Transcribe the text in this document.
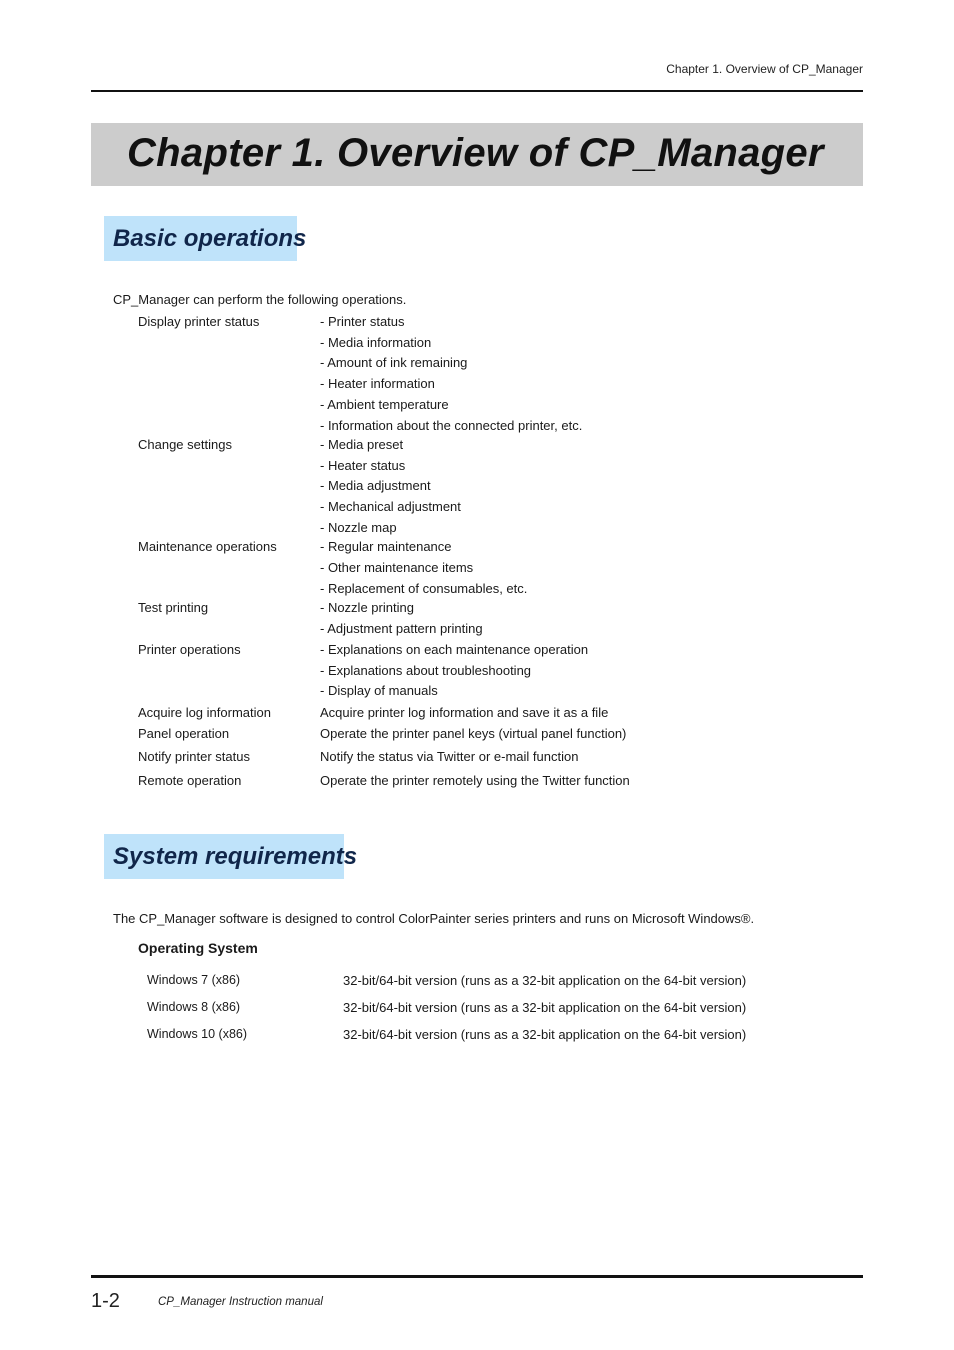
Chapter 1. Overview of CP_Manager
Chapter 1. Overview of CP_Manager
Basic operations
CP_Manager can perform the following operations.
Display printer status	- Printer status
- Media information
- Amount of ink remaining
- Heater information
- Ambient temperature
- Information about the connected printer, etc.
Change settings	- Media preset
- Heater status
- Media adjustment
- Mechanical adjustment
- Nozzle map
Maintenance operations	- Regular maintenance
- Other maintenance items
- Replacement of consumables, etc.
Test printing	- Nozzle printing
- Adjustment pattern printing
Printer operations	- Explanations on each maintenance operation
- Explanations about troubleshooting
- Display of manuals
Acquire log information	Acquire printer log information and save it as a file
Panel operation	Operate the printer panel keys (virtual panel function)
Notify printer status	Notify the status via Twitter or e-mail function
Remote operation	Operate the printer remotely using the Twitter function
System requirements
The CP_Manager software is designed to control ColorPainter series printers and runs on Microsoft Windows®.
Operating System
Windows 7 (x86)	32-bit/64-bit version (runs as a 32-bit application on the 64-bit version)
Windows 8 (x86)	32-bit/64-bit version (runs as a 32-bit application on the 64-bit version)
Windows 10 (x86)	32-bit/64-bit version (runs as a 32-bit application on the 64-bit version)
1-2	CP_Manager Instruction manual
